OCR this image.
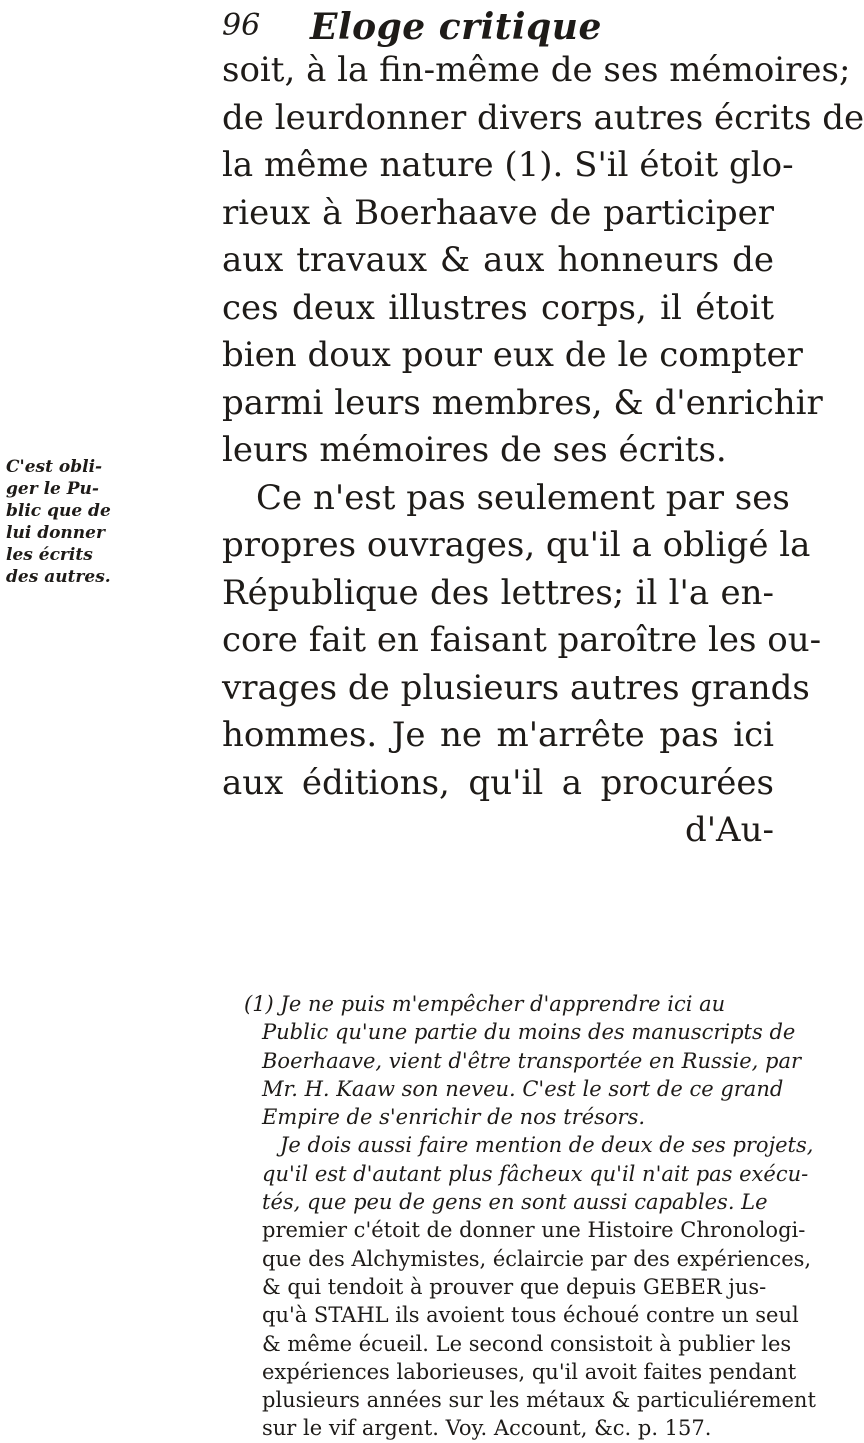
96 Eloge critique
soit, à la fin-même de ses mémoires;
de leurdonner divers autres écrits de
la même nature (1). S'il étoit glo-
rieux à Boerhaave de participer
aux travaux & aux honneurs de
ces deux illustres corps, il étoit
bien doux pour eux de le compter
parmi leurs membres, & d'enrichir
leurs mémoires de ses écrits.
Ce n'est pas seulement par ses
propres ouvrages, qu'il a obligé la
République des lettres; il l'a en-
core fait en faisant paroître les ou-
vrages de plusieurs autres grands
hommes. Je ne m'arrête pas ici
aux éditions, qu'il a procurées
d'Au-
C'est obli-
ger le Pu-
blic que de
lui donner
les écrits
des autres.
(1) Je ne puis m'empêcher d'apprendre ici au
Public qu'une partie du moins des manuscripts de
Boerhaave, vient d'être transportée en Russie, par
Mr. H. Kaaw son neveu. C'est le sort de ce grand
Empire de s'enrichir de nos trésors.
Je dois aussi faire mention de deux de ses projets,
qu'il est d'autant plus fâcheux qu'il n'ait pas exécu-
tés, que peu de gens en sont aussi capables. Le
premier c'étoit de donner une Histoire Chronologi-
que des Alchymistes, éclaircie par des expériences,
& qui tendoit à prouver que depuis GEBER jus-
qu'à STAHL ils avoient tous échoué contre un seul
& même écueil. Le second consistoit à publier les
expériences laborieuses, qu'il avoit faites pendant
plusieurs années sur les métaux & particuliérement
sur le vif argent. Voy. Account, &c. p. 157.
